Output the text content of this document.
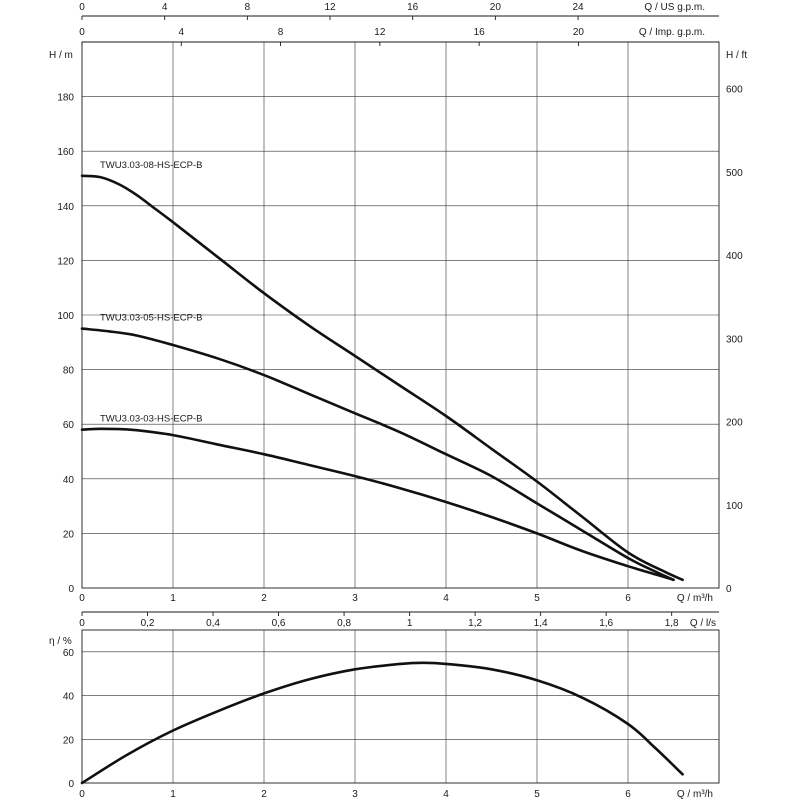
TWU3.03-08-HS-ECP-B
TWU3.03-05-HS-ECP-B
TWU3.03-03-HS-ECP-B
0
20
40
60
80
100
120
140
160
180
0
100
200
300
400
500
600
0	1	2	3	4	5	6
0	4	8	12	16	20	24
0	4	8	12	16	20
0	0,2	0,4	0,6	0,8	1	1,2	1,4	1,6	1,8
Q / US g.p.m.
Q / Imp. g.p.m.
Q / l/s
H / m	H / ft
Q / m³/h
0
20
40
60
0	1	2	3	4	5	6
η / %
Q / m³/h
